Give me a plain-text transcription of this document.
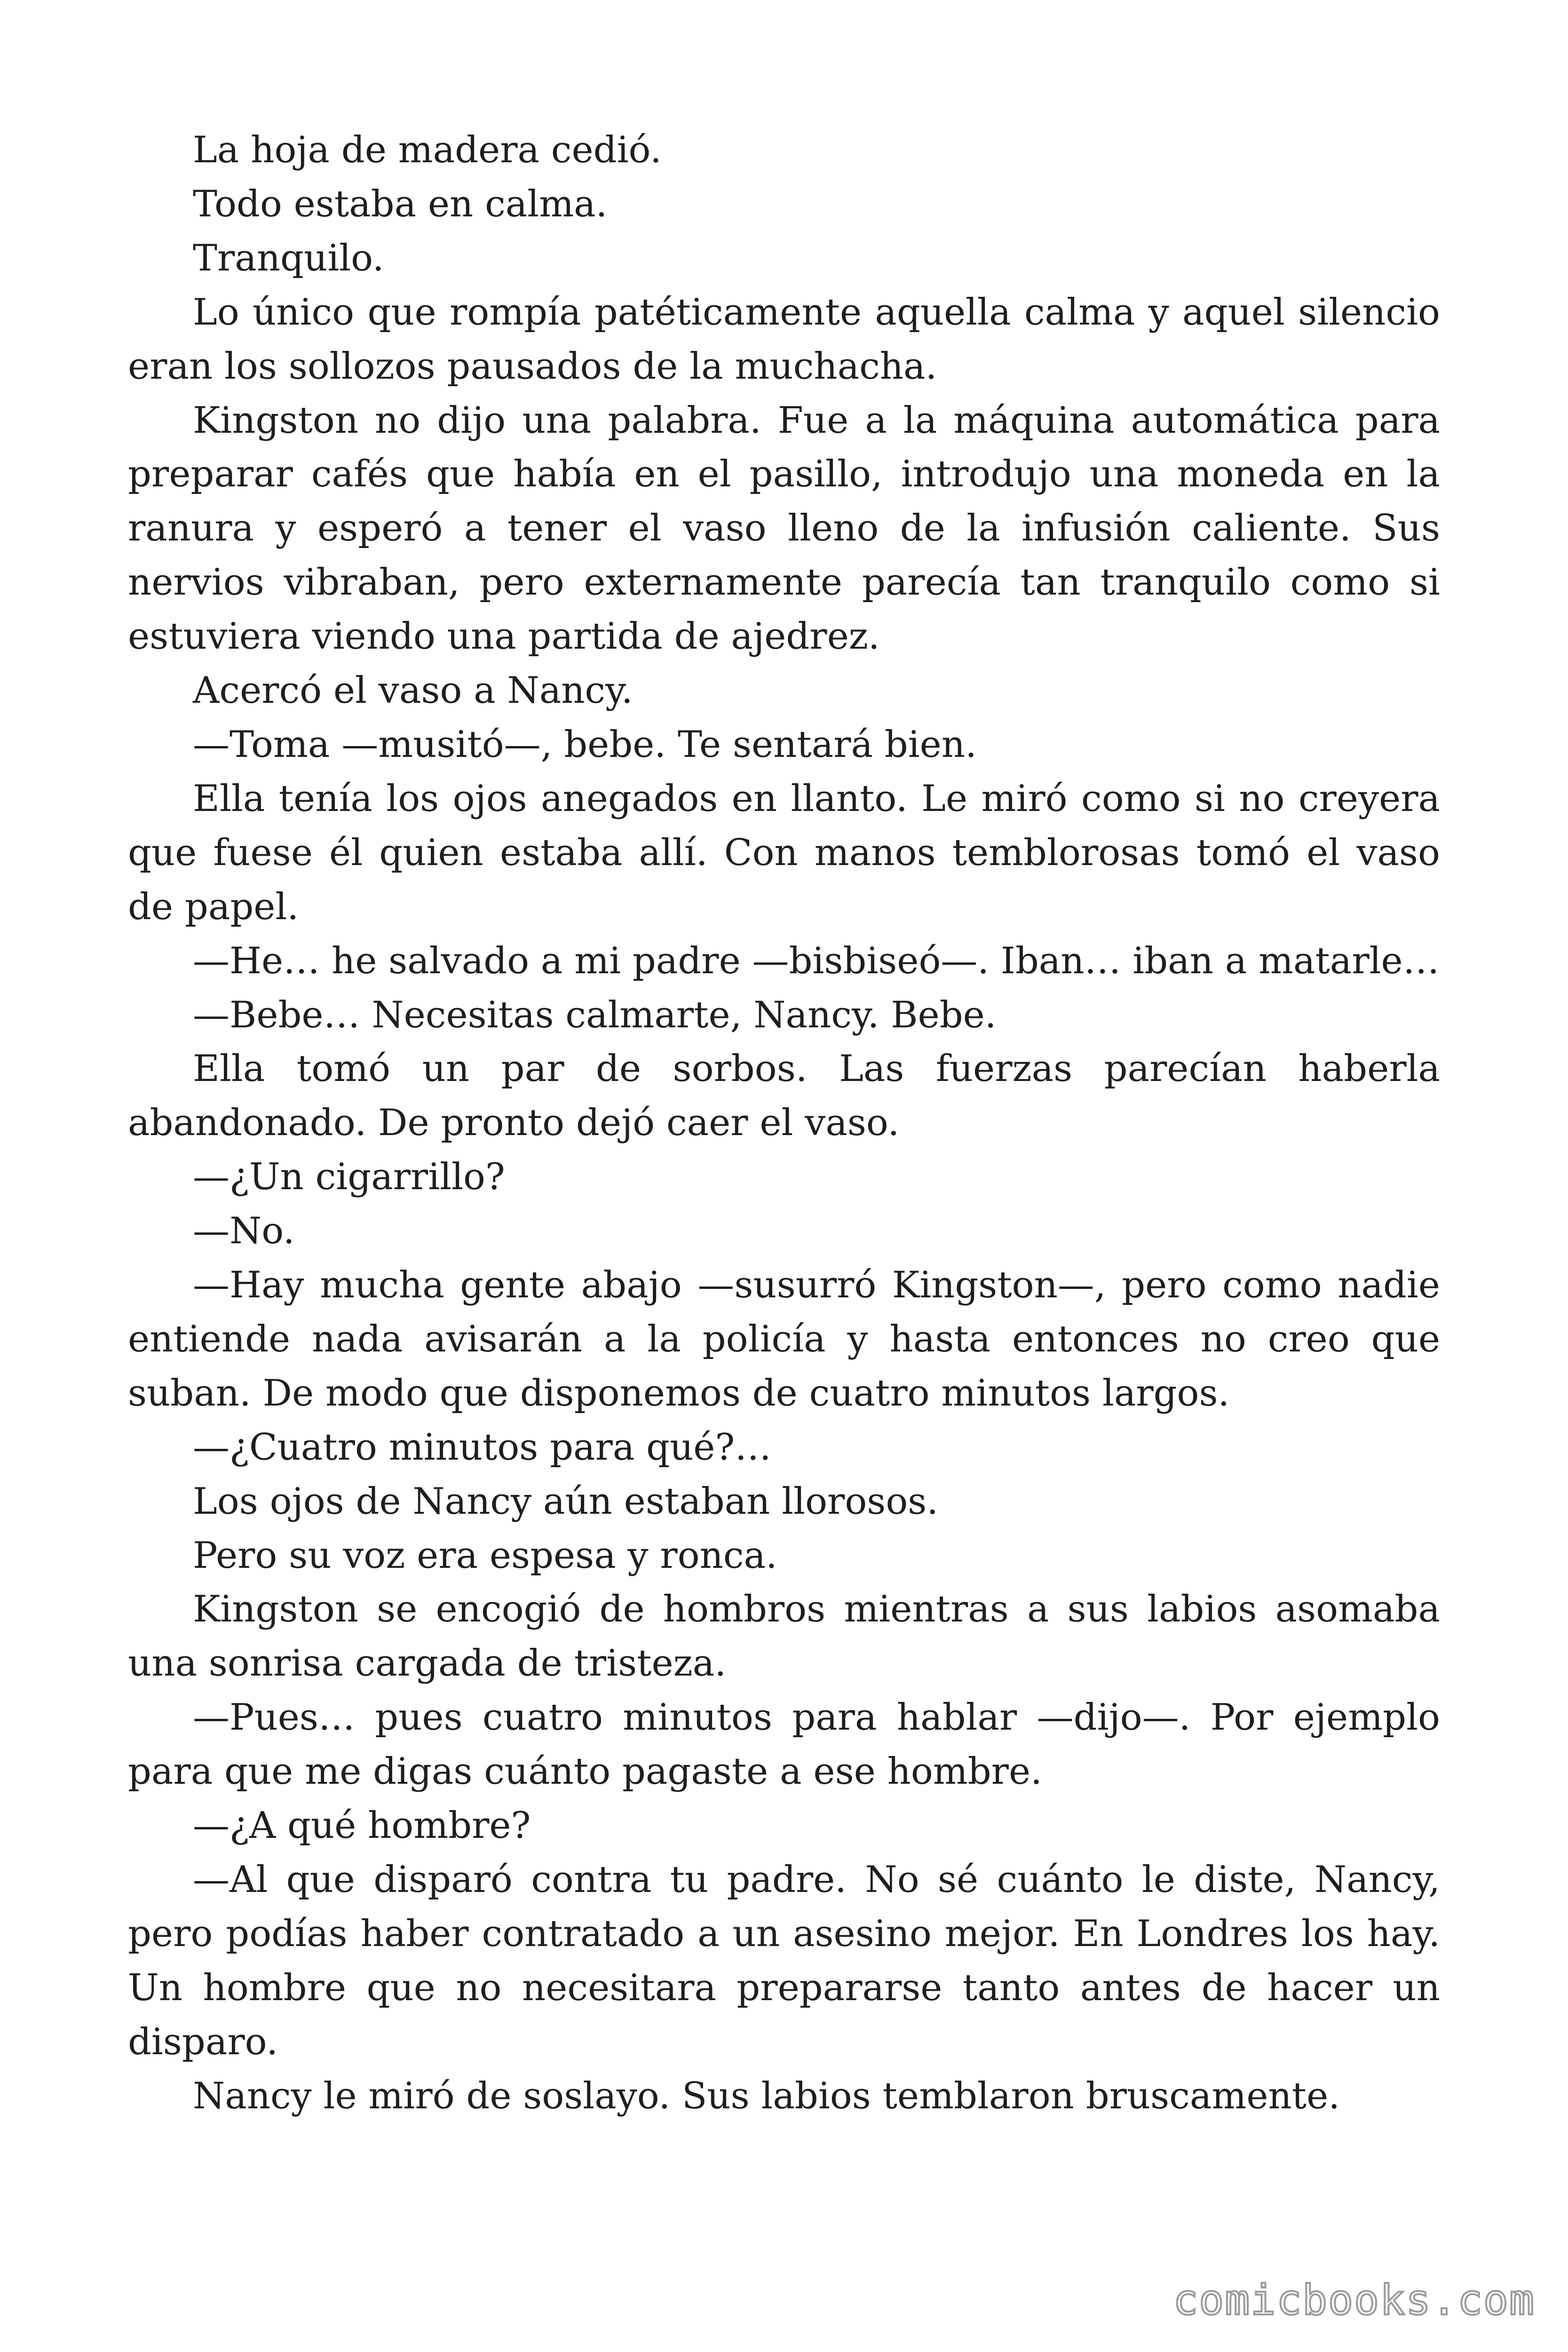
La hoja de madera cedió.

Todo estaba en calma.

Tranquilo.

Lo único que rompía patéticamente aquella calma y aquel silencio eran los sollozos pausados de la muchacha.

Kingston no dijo una palabra. Fue a la máquina automática para preparar cafés que había en el pasillo, introdujo una moneda en la ranura y esperó a tener el vaso lleno de la infusión caliente. Sus nervios vibraban, pero externamente parecía tan tranquilo como si estuviera viendo una partida de ajedrez.

Acercó el vaso a Nancy.

—Toma —musitó—, bebe. Te sentará bien.

Ella tenía los ojos anegados en llanto. Le miró como si no creyera que fuese él quien estaba allí. Con manos temblorosas tomó el vaso de papel.

—He… he salvado a mi padre —bisbiseó—. Iban… iban a matarle…

—Bebe… Necesitas calmarte, Nancy. Bebe.

Ella tomó un par de sorbos. Las fuerzas parecían haberla abandonado. De pronto dejó caer el vaso.

—¿Un cigarrillo?

—No.

—Hay mucha gente abajo —susurró Kingston—, pero como nadie entiende nada avisarán a la policía y hasta entonces no creo que suban. De modo que disponemos de cuatro minutos largos.

—¿Cuatro minutos para qué?…

Los ojos de Nancy aún estaban llorosos.

Pero su voz era espesa y ronca.

Kingston se encogió de hombros mientras a sus labios asomaba una sonrisa cargada de tristeza.

—Pues… pues cuatro minutos para hablar —dijo—. Por ejemplo para que me digas cuánto pagaste a ese hombre.

—¿A qué hombre?

—Al que disparó contra tu padre. No sé cuánto le diste, Nancy, pero podías haber contratado a un asesino mejor. En Londres los hay. Un hombre que no necesitara prepararse tanto antes de hacer un disparo.

Nancy le miró de soslayo. Sus labios temblaron bruscamente.

comicbooks.com
